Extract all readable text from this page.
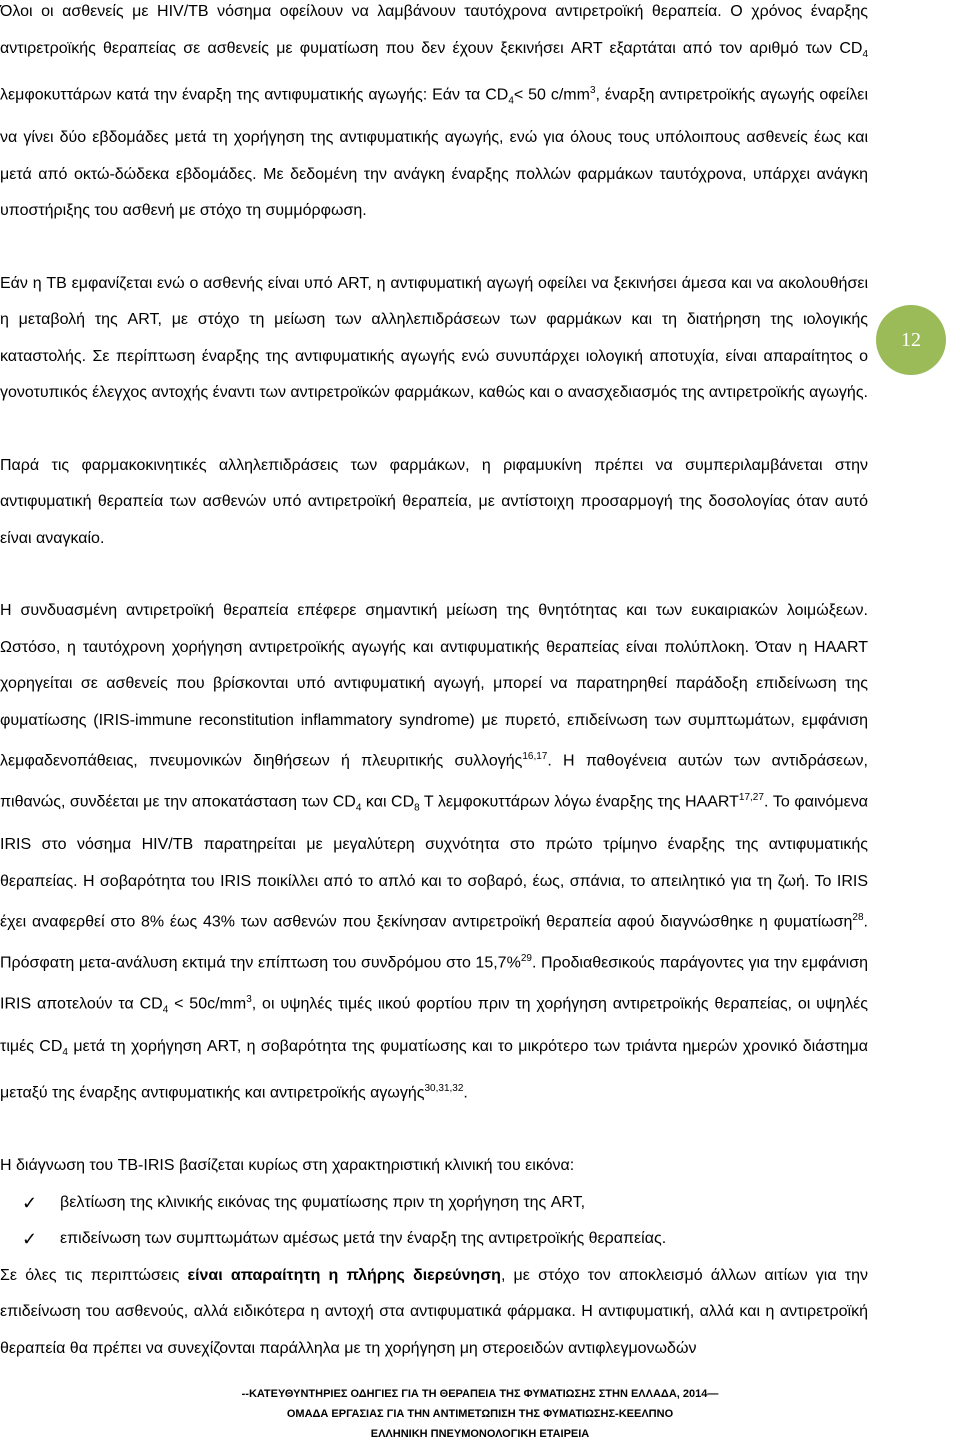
Όλοι οι ασθενείς με HIV/TB νόσημα οφείλουν να λαμβάνουν ταυτόχρονα αντιρετροϊκή θεραπεία. Ο χρόνος έναρξης αντιρετροϊκής θεραπείας σε ασθενείς με φυματίωση που δεν έχουν ξεκινήσει ART εξαρτάται από τον αριθμό των $CD_4$ λεμφοκυττάρων κατά την έναρξη της αντιφυματικής αγωγής: Εάν τα $CD_4< 50$ $c/mm^3$, έναρξη αντιρετροϊκής αγωγής οφείλει να γίνει δύο εβδομάδες μετά τη χορήγηση της αντιφυματικής αγωγής, ενώ για όλους τους υπόλοιπους ασθενείς έως και μετά από οκτώ-δώδεκα εβδομάδες. Με δεδομένη την ανάγκη έναρξης πολλών φαρμάκων ταυτόχρονα, υπάρχει ανάγκη υποστήριξης του ασθενή με στόχο τη συμμόρφωση.

Εάν η TB εμφανίζεται ενώ ο ασθενής είναι υπό ART, η αντιφυματική αγωγή οφείλει να ξεκινήσει άμεσα και να ακολουθήσει η μεταβολή της ART, με στόχο τη μείωση των αλληλεπιδράσεων των φαρμάκων και τη διατήρηση της ιολογικής καταστολής. Σε περίπτωση έναρξης της αντιφυματικής αγωγής ενώ συνυπάρχει ιολογική αποτυχία, είναι απαραίτητος ο γονοτυπικός έλεγχος αντοχής έναντι των αντιρετροϊκών φαρμάκων, καθώς και ο ανασχεδιασμός της αντιρετροϊκής αγωγής.

Παρά τις φαρμακοκινητικές αλληλεπιδράσεις των φαρμάκων, η ριφαμυκίνη πρέπει να συμπεριλαμβάνεται στην αντιφυματική θεραπεία των ασθενών υπό αντιρετροϊκή θεραπεία, με αντίστοιχη προσαρμογή της δοσολογίας όταν αυτό είναι αναγκαίο.

Η συνδυασμένη αντιρετροϊκή θεραπεία επέφερε σημαντική μείωση της θνητότητας και των ευκαιριακών λοιμώξεων. Ωστόσο, η ταυτόχρονη χορήγηση αντιρετροϊκής αγωγής και αντιφυματικής θεραπείας είναι πολύπλοκη. Όταν η HAART χορηγείται σε ασθενείς που βρίσκονται υπό αντιφυματική αγωγή, μπορεί να παρατηρηθεί παράδοξη επιδείνωση της φυματίωσης (IRIS-immune reconstitution inflammatory syndrome) με πυρετό, επιδείνωση των συμπτωμάτων, εμφάνιση λεμφαδενοπάθειας, πνευμονικών διηθήσεων ή πλευριτικής συλλογής$^{16,17}$. Η παθογένεια αυτών των αντιδράσεων, πιθανώς, συνδέεται με την αποκατάσταση των $CD_4$ και $CD_8$ T λεμφοκυττάρων λόγω έναρξης της HAART$^{17,27}$. Το φαινόμενα IRIS στο νόσημα HIV/TB παρατηρείται με μεγαλύτερη συχνότητα στο πρώτο τρίμηνο έναρξης της αντιφυματικής θεραπείας. Η σοβαρότητα του IRIS ποικίλλει από το απλό και το σοβαρό, έως, σπάνια, το απειλητικό για τη ζωή. Το IRIS έχει αναφερθεί στο 8% έως 43% των ασθενών που ξεκίνησαν αντιρετροϊκή θεραπεία αφού διαγνώσθηκε η φυματίωση$^{28}$. Πρόσφατη μετα-ανάλυση εκτιμά την επίπτωση του συνδρόμου στο 15,7%$^{29}$. Προδιαθεσικούς παράγοντες για την εμφάνιση IRIS αποτελούν τα $CD_4 < 50c/mm^3$, οι υψηλές τιμές ιικού φορτίου πριν τη χορήγηση αντιρετροϊκής θεραπείας, οι υψηλές τιμές $CD_4$ μετά τη χορήγηση ART, η σοβαρότητα της φυματίωσης και το μικρότερο των τριάντα ημερών χρονικό διάστημα μεταξύ της έναρξης αντιφυματικής και αντιρετροϊκής αγωγής$^{30,31,32}$.

Η διάγνωση του TB-IRIS βασίζεται κυρίως στη χαρακτηριστική κλινική του εικόνα:

✓ βελτίωση της κλινικής εικόνας της φυματίωσης πριν τη χορήγηση της ART,
✓ επιδείνωση των συμπτωμάτων αμέσως μετά την έναρξη της αντιρετροϊκής θεραπείας.

Σε όλες τις περιπτώσεις είναι απαραίτητη η πλήρης διερεύνηση, με στόχο τον αποκλεισμό άλλων αιτίων για την επιδείνωση του ασθενούς, αλλά ειδικότερα η αντοχή στα αντιφυματικά φάρμακα. Η αντιφυματική, αλλά και η αντιρετροϊκή θεραπεία θα πρέπει να συνεχίζονται παράλληλα με τη χορήγηση μη στεροειδών αντιφλεγμονωδών

12
--ΚΑΤΕΥΘΥΝΤΗΡΙΕΣ ΟΔΗΓΙΕΣ ΓΙΑ ΤΗ ΘΕΡΑΠΕΙΑ ΤΗΣ ΦΥΜΑΤΙΩΣΗΣ ΣΤΗΝ ΕΛΛΑΔΑ, 2014—
ΟΜΑΔΑ ΕΡΓΑΣΙΑΣ ΓΙΑ ΤΗΝ ΑΝΤΙΜΕΤΩΠΙΣΗ ΤΗΣ ΦΥΜΑΤΙΩΣΗΣ-ΚΕΕΛΠΝΟ
ΕΛΛΗΝΙΚΗ ΠΝΕΥΜΟΝΟΛΟΓΙΚΗ ΕΤΑΙΡΕΙΑ
